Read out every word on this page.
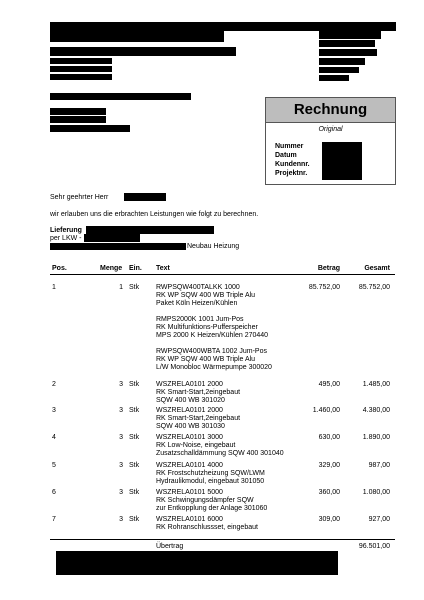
Rechnung
Original
Nummer
Datum
Kundennr.
Projektnr.
Sehr geehrter Herr
wir erlauben uns die erbrachten Leistungen wie folgt zu berechnen.
Lieferung
per LKW -
Neubau Heizung
Pos.	Menge Ein. Text	Betrag	Gesamt
1	1 Stk RWPSQW400TALKK 1000
RK WP SQW 400 WB Triple Alu
Paket Köln Heizen/Kühlen
RMPS2000K 1001 Jum-Pos
RK Multifunktions-Pufferspeicher
MPS 2000 K Heizen/Kühlen 270440
RWPSQW400WBTA 1002 Jum-Pos
RK WP SQW 400 WB Triple Alu
L/W Monobloc Wärmepumpe 300020
85.752,00	85.752,00
2	3 Stk WSZRELA0101 2000
RK Smart-Start,2eingebaut
SQW 400 WB 301020
495,00	1.485,00
3	3 Stk WSZRELA0101 2000
RK Smart-Start,2eingebaut
SQW 400 WB 301030
1.460,00	4.380,00
4	3 Stk WSZRELA0101 3000
RK Low-Noise, eingebaut
Zusatzschalldämmung SQW 400 301040
630,00	1.890,00
5	3 Stk WSZRELA0101 4000
RK Frostschutzheizung SQW/LWM
Hydraulikmodul, eingebaut 301050
329,00	987,00
6	3 Stk WSZRELA0101 5000
RK Schwingungsdämpfer SQW
zur Entkopplung der Anlage 301060
360,00	1.080,00
7	3 Stk WSZRELA0101 6000
RK Rohranschlussset, eingebaut
309,00	927,00
Übertrag	96.501,00
